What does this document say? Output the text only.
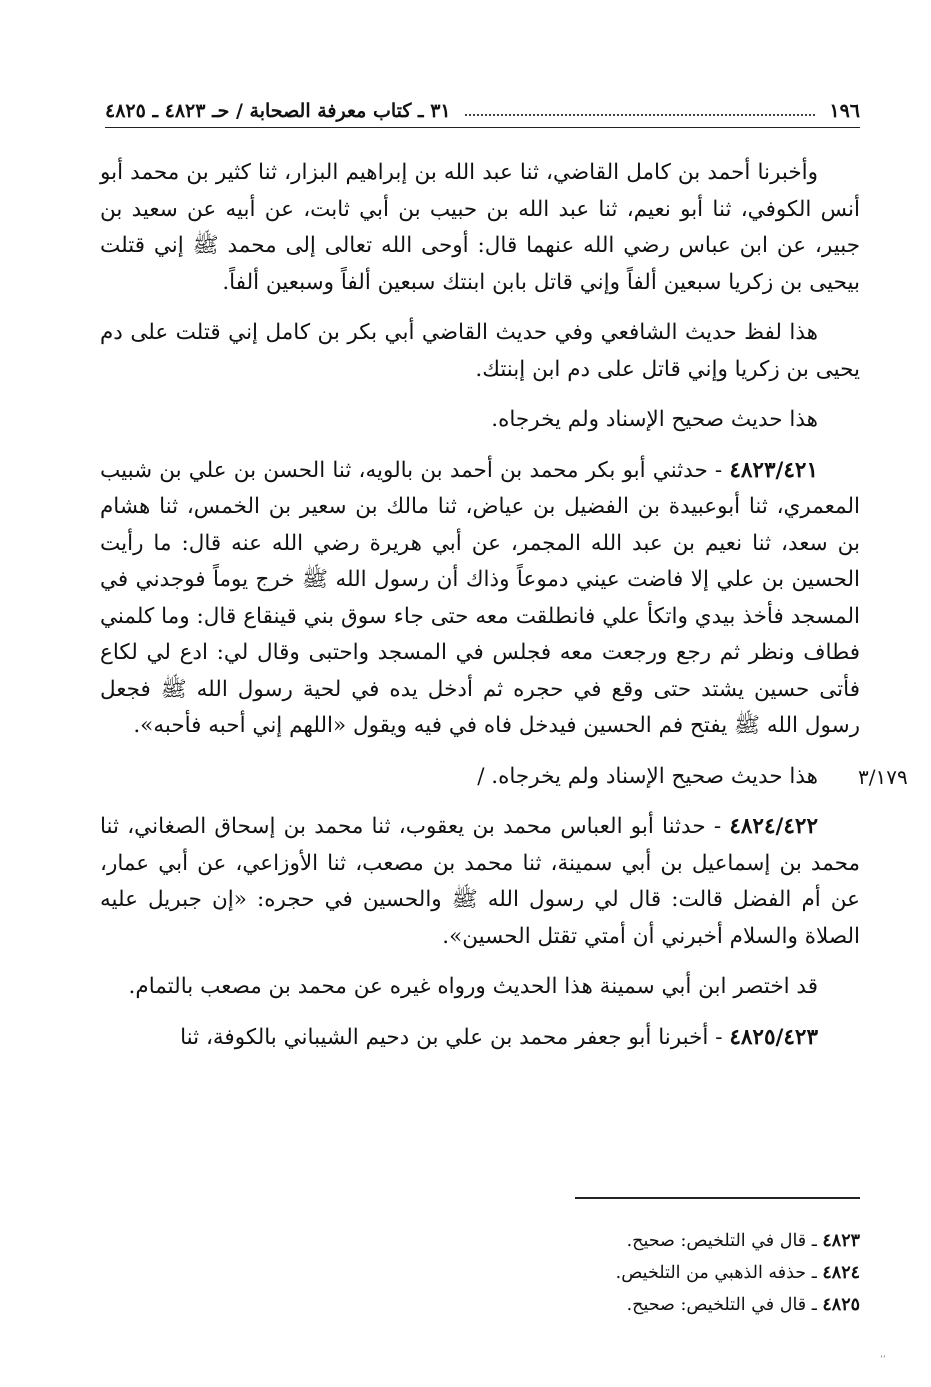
١٩٦
٣١ ـ كتاب معرفة الصحابة / حـ ٤٨٢٣ ـ ٤٨٢٥

وأخبرنا أحمد بن كامل القاضي، ثنا عبد الله بن إبراهيم البزار، ثنا كثير بن محمد أبو أنس الكوفي، ثنا أبو نعيم، ثنا عبد الله بن حبيب بن أبي ثابت، عن أبيه عن سعيد بن جبير، عن ابن عباس رضي الله عنهما قال: أوحى الله تعالى إلى محمد ﷺ إني قتلت بيحيى بن زكريا سبعين ألفاً وإني قاتل بابن ابنتك سبعين ألفاً وسبعين ألفاً.

هذا لفظ حديث الشافعي وفي حديث القاضي أبي بكر بن كامل إني قتلت على دم يحيى بن زكريا وإني قاتل على دم ابن إبنتك.

هذا حديث صحيح الإسناد ولم يخرجاه.

٤٨٢٣/٤٢١ - حدثني أبو بكر محمد بن أحمد بن بالويه، ثنا الحسن بن علي بن شبيب المعمري، ثنا أبوعبيدة بن الفضيل بن عياض، ثنا مالك بن سعير بن الخمس، ثنا هشام بن سعد، ثنا نعيم بن عبد الله المجمر، عن أبي هريرة رضي الله عنه قال: ما رأيت الحسين بن علي إلا فاضت عيني دموعاً وذاك أن رسول الله ﷺ خرج يوماً فوجدني في المسجد فأخذ بيدي واتكأ علي فانطلقت معه حتى جاء سوق بني قينقاع قال: وما كلمني فطاف ونظر ثم رجع ورجعت معه فجلس في المسجد واحتبى وقال لي: ادع لي لكاع فأتى حسين يشتد حتى وقع في حجره ثم أدخل يده في لحية رسول الله ﷺ فجعل رسول الله ﷺ يفتح فم الحسين فيدخل فاه في فيه ويقول «اللهم إني أحبه فأحبه».

هذا حديث صحيح الإسناد ولم يخرجاه. /

٤٨٢٤/٤٢٢ - حدثنا أبو العباس محمد بن يعقوب، ثنا محمد بن إسحاق الصغاني، ثنا محمد بن إسماعيل بن أبي سمينة، ثنا محمد بن مصعب، ثنا الأوزاعي، عن أبي عمار، عن أم الفضل قالت: قال لي رسول الله ﷺ والحسين في حجره: «إن جبريل عليه الصلاة والسلام أخبرني أن أمتي تقتل الحسين».

قد اختصر ابن أبي سمينة هذا الحديث ورواه غيره عن محمد بن مصعب بالتمام.

٤٨٢٥/٤٢٣ - أخبرنا أبو جعفر محمد بن علي بن دحيم الشيباني بالكوفة، ثنا

٣/١٧٩
٤٨٢٣ ـ قال في التلخيص: صحيح.
٤٨٢٤ ـ حذفه الذهبي من التلخيص.
٤٨٢٥ ـ قال في التلخيص: صحيح.
٬٬
